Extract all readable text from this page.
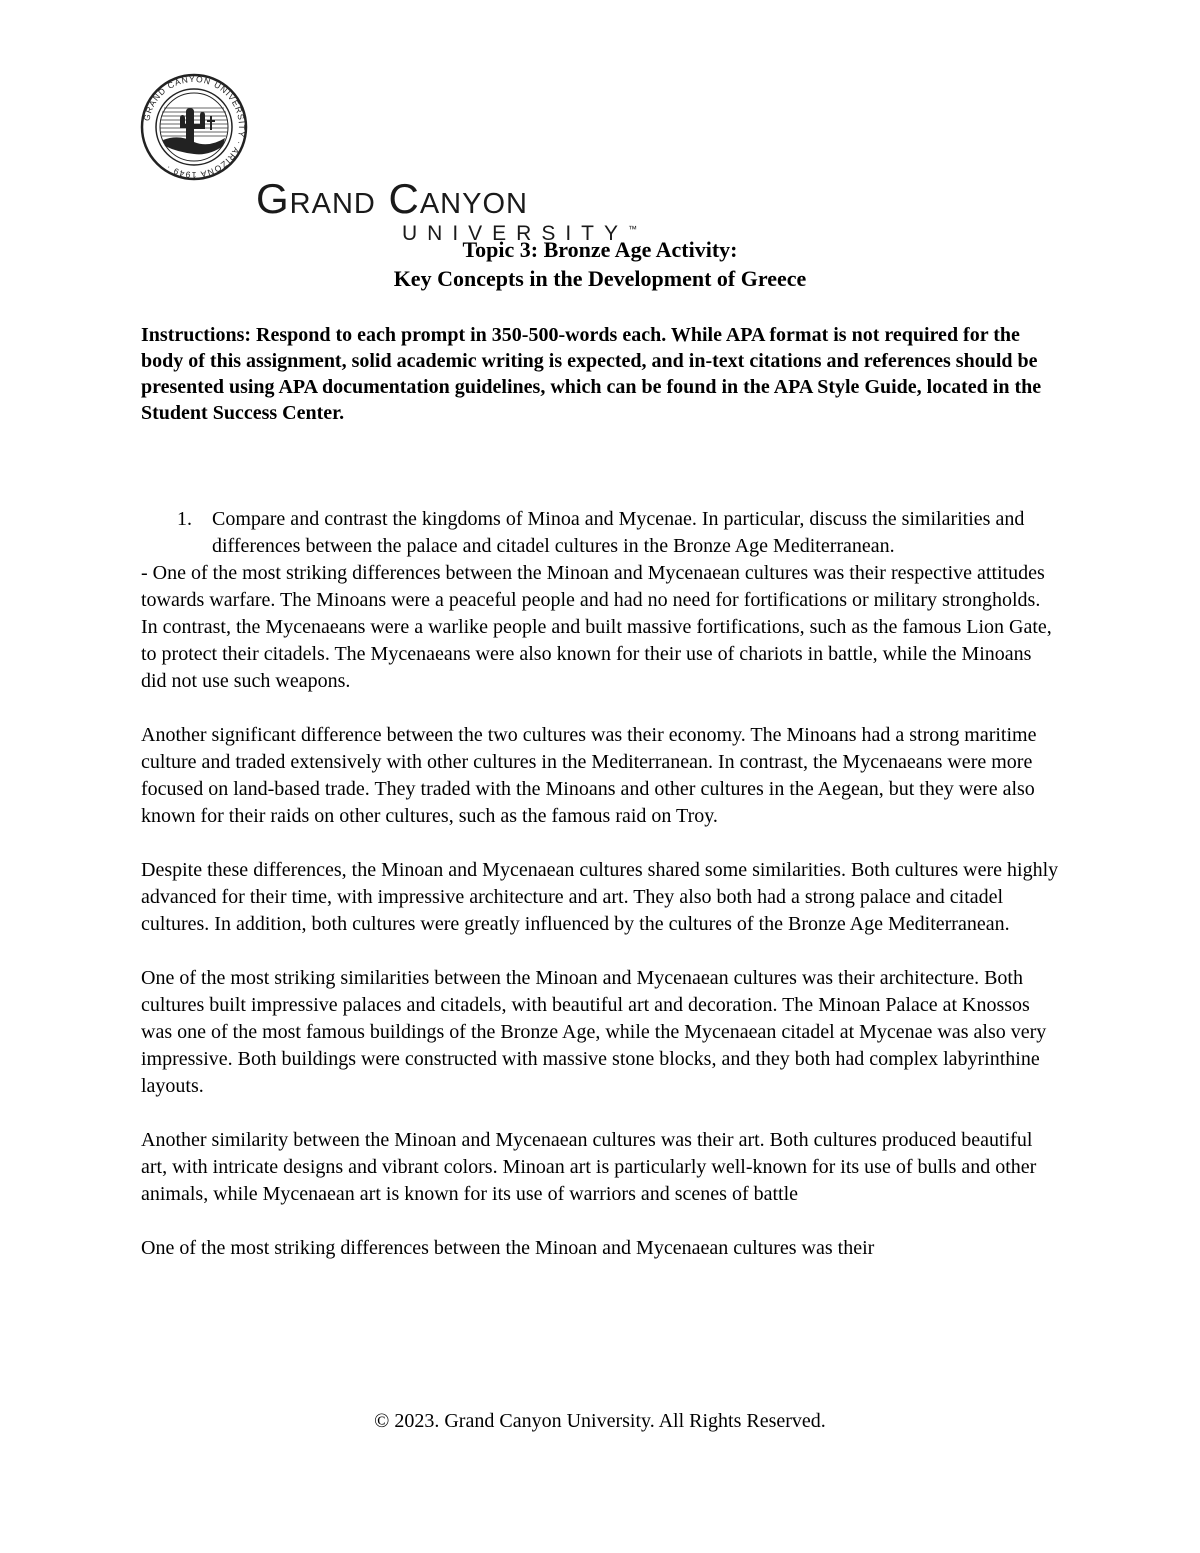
GRAND CANYON UNIVERSITY · ARIZONA 1949 ·
Grand Canyon
UNIVERSITY™
Topic 3: Bronze Age Activity:
Key Concepts in the Development of Greece
Instructions: Respond to each prompt in 350-500-words each. While APA format is not required for the body of this assignment, solid academic writing is expected, and in-text citations and references should be presented using APA documentation guidelines, which can be found in the APA Style Guide, located in the Student Success Center.
1.	Compare and contrast the kingdoms of Minoa and Mycenae. In particular, discuss the similarities and differences between the palace and citadel cultures in the Bronze Age Mediterranean.

- One of the most striking differences between the Minoan and Mycenaean cultures was their respective attitudes towards warfare. The Minoans were a peaceful people and had no need for fortifications or military strongholds. In contrast, the Mycenaeans were a warlike people and built massive fortifications, such as the famous Lion Gate, to protect their citadels. The Mycenaeans were also known for their use of chariots in battle, while the Minoans did not use such weapons.

Another significant difference between the two cultures was their economy. The Minoans had a strong maritime culture and traded extensively with other cultures in the Mediterranean. In contrast, the Mycenaeans were more focused on land-based trade. They traded with the Minoans and other cultures in the Aegean, but they were also known for their raids on other cultures, such as the famous raid on Troy.

Despite these differences, the Minoan and Mycenaean cultures shared some similarities. Both cultures were highly advanced for their time, with impressive architecture and art. They also both had a strong palace and citadel cultures. In addition, both cultures were greatly influenced by the cultures of the Bronze Age Mediterranean.

One of the most striking similarities between the Minoan and Mycenaean cultures was their architecture. Both cultures built impressive palaces and citadels, with beautiful art and decoration. The Minoan Palace at Knossos was one of the most famous buildings of the Bronze Age, while the Mycenaean citadel at Mycenae was also very impressive. Both buildings were constructed with massive stone blocks, and they both had complex labyrinthine layouts.

Another similarity between the Minoan and Mycenaean cultures was their art. Both cultures produced beautiful art, with intricate designs and vibrant colors. Minoan art is particularly well-known for its use of bulls and other animals, while Mycenaean art is known for its use of warriors and scenes of battle

One of the most striking differences between the Minoan and Mycenaean cultures was their

© 2023. Grand Canyon University. All Rights Reserved.
